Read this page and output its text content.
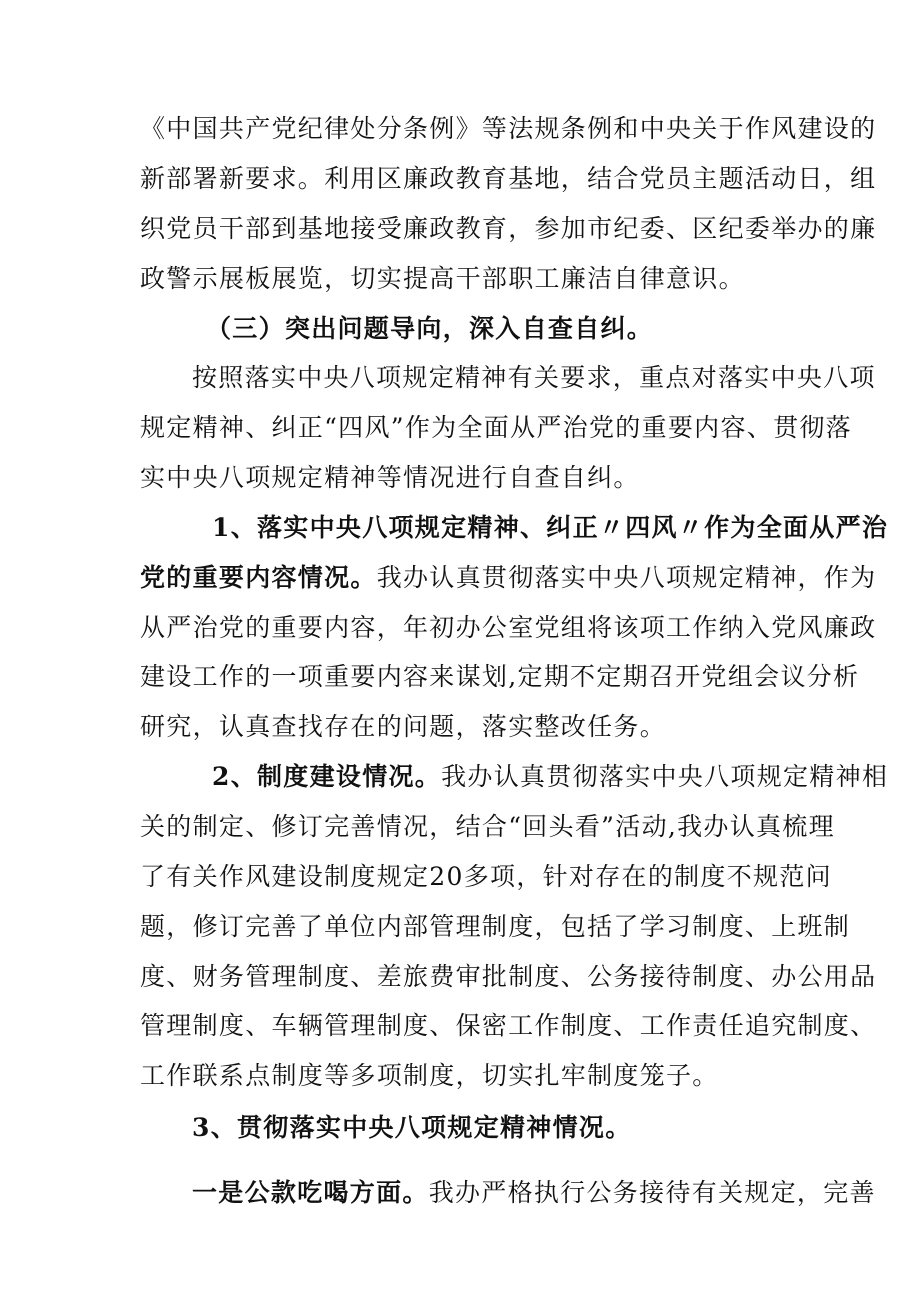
《中国共产党纪律处分条例》等法规条例和中央关于作风建设的
新部署新要求。利用区廉政教育基地，结合党员主题活动日，组
织党员干部到基地接受廉政教育，参加市纪委、区纪委举办的廉
政警示展板展览，切实提高干部职工廉洁自律意识。
（三）突出问题导向，深入自查自纠。
按照落实中央八项规定精神有关要求，重点对落实中央八项
规定精神、纠正“四风”作为全面从严治党的重要内容、贯彻落
实中央八项规定精神等情况进行自查自纠。
1、落实中央八项规定精神、纠正〃四风〃作为全面从严治
党的重要内容情况。我办认真贯彻落实中央八项规定精神，作为
从严治党的重要内容，年初办公室党组将该项工作纳入党风廉政
建设工作的一项重要内容来谋划,定期不定期召开党组会议分析
研究，认真查找存在的问题，落实整改任务。
2、制度建设情况。我办认真贯彻落实中央八项规定精神相
关的制定、修订完善情况，结合“回头看”活动,我办认真梳理
了有关作风建设制度规定20多项，针对存在的制度不规范问
题，修订完善了单位内部管理制度，包括了学习制度、上班制
度、财务管理制度、差旅费审批制度、公务接待制度、办公用品
管理制度、车辆管理制度、保密工作制度、工作责任追究制度、
工作联系点制度等多项制度，切实扎牢制度笼子。
3、贯彻落实中央八项规定精神情况。
一是公款吃喝方面。我办严格执行公务接待有关规定，完善
